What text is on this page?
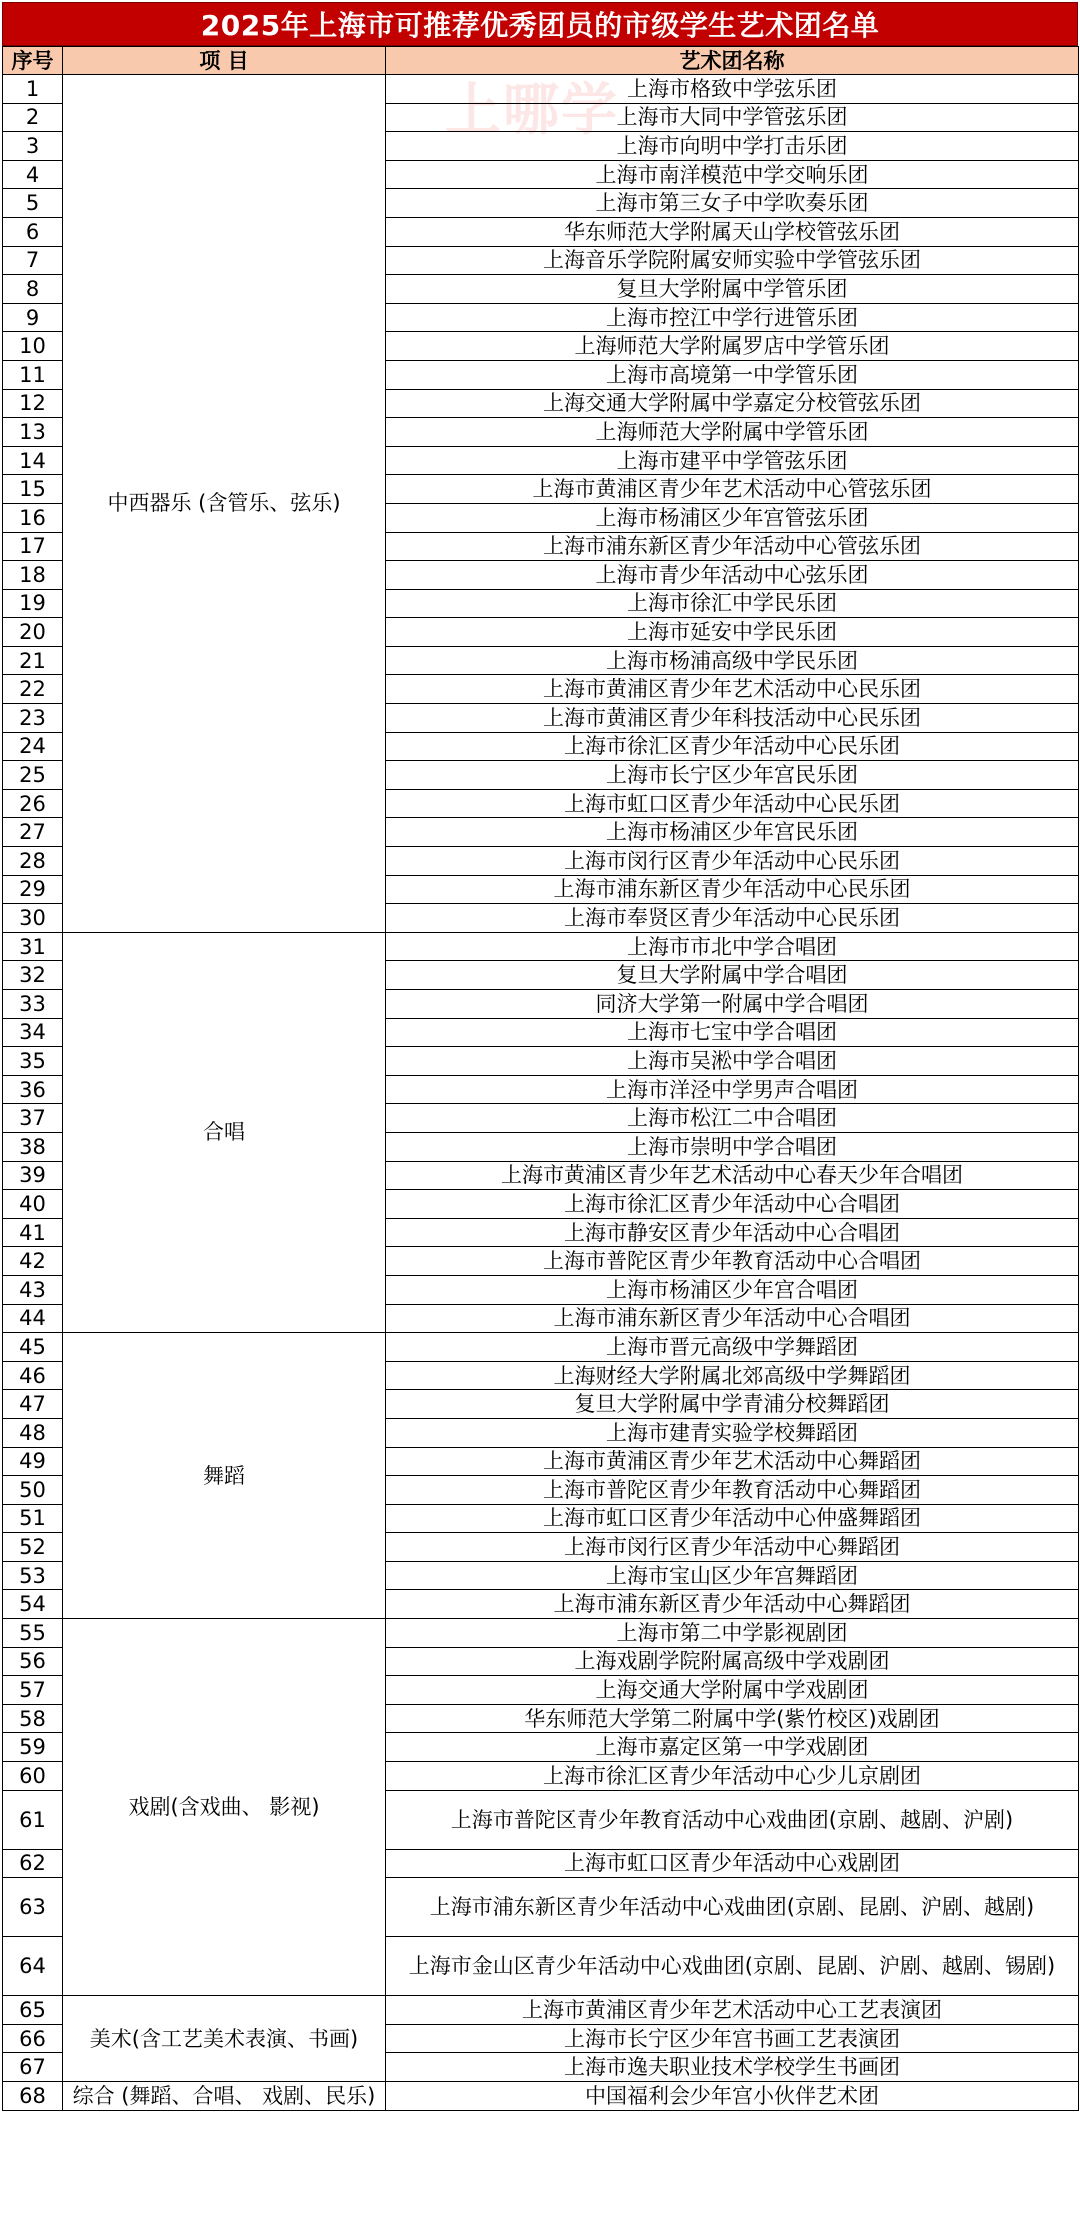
2025年上海市可推荐优秀团员的市级学生艺术团名单
上哪学
序号	项 目	艺术团名称
1	中西器乐 (含管乐、弦乐)	上海市格致中学弦乐团
2		上海市大同中学管弦乐团
3		上海市向明中学打击乐团
4		上海市南洋模范中学交响乐团
5		上海市第三女子中学吹奏乐团
6		华东师范大学附属天山学校管弦乐团
7		上海音乐学院附属安师实验中学管弦乐团
8		复旦大学附属中学管乐团
9		上海市控江中学行进管乐团
10		上海师范大学附属罗店中学管乐团
11		上海市高境第一中学管乐团
12		上海交通大学附属中学嘉定分校管弦乐团
13		上海师范大学附属中学管乐团
14		上海市建平中学管弦乐团
15		上海市黄浦区青少年艺术活动中心管弦乐团
16		上海市杨浦区少年宫管弦乐团
17		上海市浦东新区青少年活动中心管弦乐团
18		上海市青少年活动中心弦乐团
19		上海市徐汇中学民乐团
20		上海市延安中学民乐团
21		上海市杨浦高级中学民乐团
22		上海市黄浦区青少年艺术活动中心民乐团
23		上海市黄浦区青少年科技活动中心民乐团
24		上海市徐汇区青少年活动中心民乐团
25		上海市长宁区少年宫民乐团
26		上海市虹口区青少年活动中心民乐团
27		上海市杨浦区少年宫民乐团
28		上海市闵行区青少年活动中心民乐团
29		上海市浦东新区青少年活动中心民乐团
30		上海市奉贤区青少年活动中心民乐团
31	合唱	上海市市北中学合唱团
32		复旦大学附属中学合唱团
33		同济大学第一附属中学合唱团
34		上海市七宝中学合唱团
35		上海市吴淞中学合唱团
36		上海市洋泾中学男声合唱团
37		上海市松江二中合唱团
38		上海市崇明中学合唱团
39		上海市黄浦区青少年艺术活动中心春天少年合唱团
40		上海市徐汇区青少年活动中心合唱团
41		上海市静安区青少年活动中心合唱团
42		上海市普陀区青少年教育活动中心合唱团
43		上海市杨浦区少年宫合唱团
44		上海市浦东新区青少年活动中心合唱团
45	舞蹈	上海市晋元高级中学舞蹈团
46		上海财经大学附属北郊高级中学舞蹈团
47		复旦大学附属中学青浦分校舞蹈团
48		上海市建青实验学校舞蹈团
49		上海市黄浦区青少年艺术活动中心舞蹈团
50		上海市普陀区青少年教育活动中心舞蹈团
51		上海市虹口区青少年活动中心仲盛舞蹈团
52		上海市闵行区青少年活动中心舞蹈团
53		上海市宝山区少年宫舞蹈团
54		上海市浦东新区青少年活动中心舞蹈团
55	戏剧(含戏曲、 影视)	上海市第二中学影视剧团
56		上海戏剧学院附属高级中学戏剧团
57		上海交通大学附属中学戏剧团
58		华东师范大学第二附属中学(紫竹校区)戏剧团
59		上海市嘉定区第一中学戏剧团
60		上海市徐汇区青少年活动中心少儿京剧团
61		上海市普陀区青少年教育活动中心戏曲团(京剧、越剧、沪剧)
62		上海市虹口区青少年活动中心戏剧团
63		上海市浦东新区青少年活动中心戏曲团(京剧、昆剧、沪剧、越剧)
64		上海市金山区青少年活动中心戏曲团(京剧、昆剧、沪剧、越剧、锡剧)
65	美术(含工艺美术表演、书画)	上海市黄浦区青少年艺术活动中心工艺表演团
66		上海市长宁区少年宫书画工艺表演团
67		上海市逸夫职业技术学校学生书画团
68	综合 (舞蹈、合唱、 戏剧、民乐)	中国福利会少年宫小伙伴艺术团
